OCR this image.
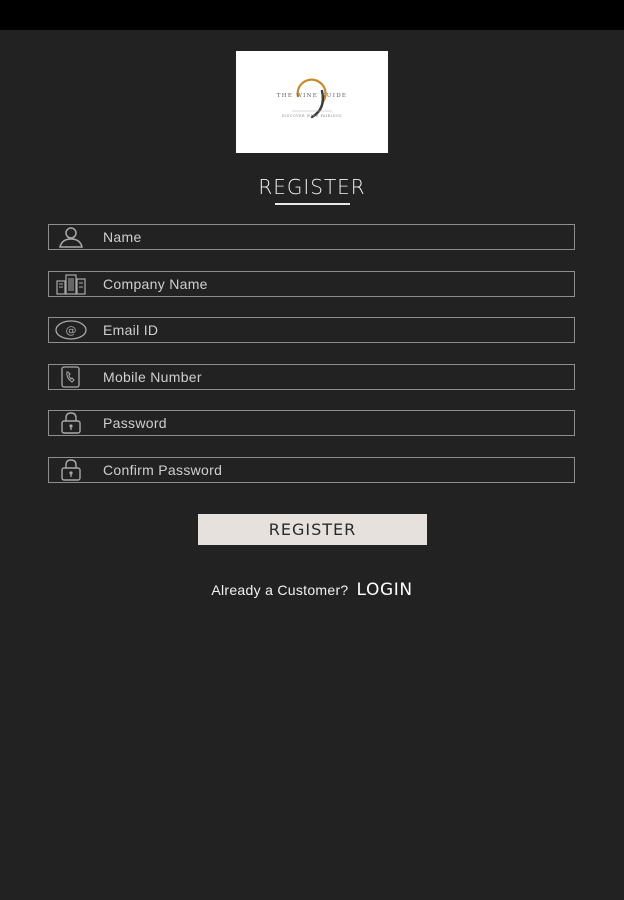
THE WINE GUIDE
DISCOVER WINE PAIRINGS
REGISTER
Name
Company Name
@
Email ID
Mobile Number
REGISTER
Already a Customer? LOGIN
